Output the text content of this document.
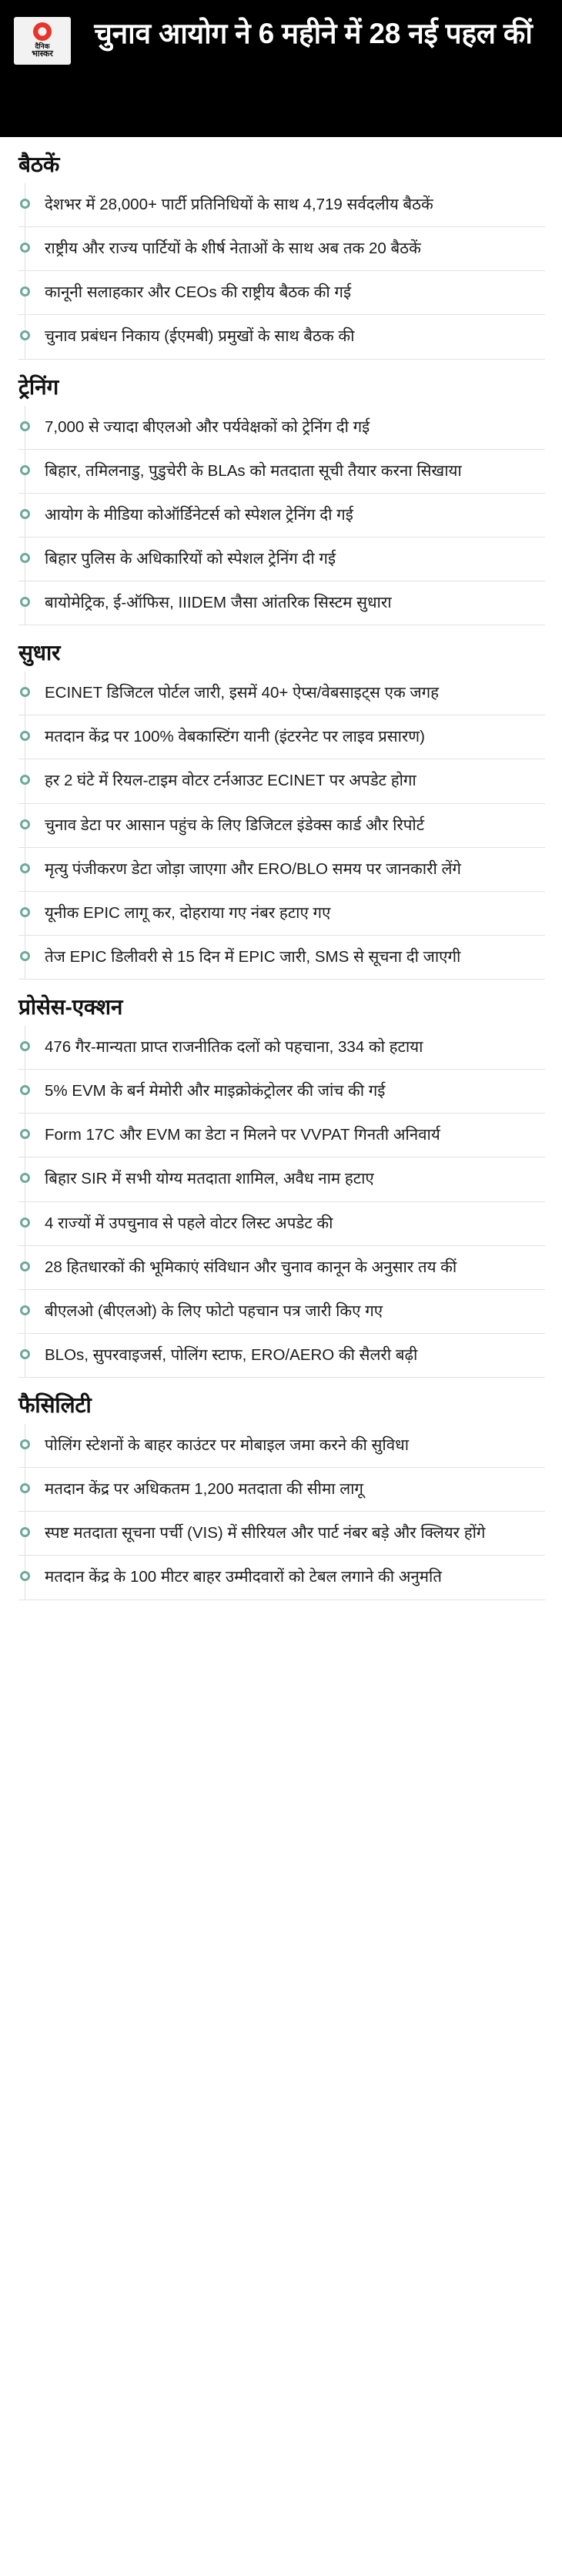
दैनिक
भास्कर
चुनाव आयोग ने 6 महीने में 28 नई पहल कीं
बैठकें
देशभर में 28,000+ पार्टी प्रतिनिधियों के साथ 4,719 सर्वदलीय बैठकें
राष्ट्रीय और राज्य पार्टियों के शीर्ष नेताओं के साथ अब तक 20 बैठकें
कानूनी सलाहकार और CEOs की राष्ट्रीय बैठक की गई
चुनाव प्रबंधन निकाय (ईएमबी) प्रमुखों के साथ बैठक की
ट्रेनिंग
7,000 से ज्यादा बीएलओ और पर्यवेक्षकों को ट्रेनिंग दी गई
बिहार, तमिलनाडु, पुडुचेरी के BLAs को मतदाता सूची तैयार करना सिखाया
आयोग के मीडिया कोऑर्डिनेटर्स को स्पेशल ट्रेनिंग दी गई
बिहार पुलिस के अधिकारियों को स्पेशल ट्रेनिंग दी गई
बायोमेट्रिक, ई-ऑफिस, IIIDEM जैसा आंतरिक सिस्टम सुधारा
सुधार
ECINET डिजिटल पोर्टल जारी, इसमें 40+ ऐप्स/वेबसाइट्स एक जगह
मतदान केंद्र पर 100% वेबकास्टिंग यानी (इंटरनेट पर लाइव प्रसारण)
हर 2 घंटे में रियल-टाइम वोटर टर्नआउट ECINET पर अपडेट होगा
चुनाव डेटा पर आसान पहुंच के लिए डिजिटल इंडेक्स कार्ड और रिपोर्ट
मृत्यु पंजीकरण डेटा जोड़ा जाएगा और ERO/BLO समय पर जानकारी लेंगे
यूनीक EPIC लागू कर, दोहराया गए नंबर हटाए गए
तेज EPIC डिलीवरी से 15 दिन में EPIC जारी, SMS से सूचना दी जाएगी
प्रोसेस-एक्शन
476 गैर-मान्यता प्राप्त राजनीतिक दलों को पहचाना, 334 को हटाया
5% EVM के बर्न मेमोरी और माइक्रोकंट्रोलर की जांच की गई
Form 17C और EVM का डेटा न मिलने पर VVPAT गिनती अनिवार्य
बिहार SIR में सभी योग्य मतदाता शामिल, अवैध नाम हटाए
4 राज्यों में उपचुनाव से पहले वोटर लिस्ट अपडेट की
28 हितधारकों की भूमिकाएं संविधान और चुनाव कानून के अनुसार तय कीं
बीएलओ (बीएलओ) के लिए फोटो पहचान पत्र जारी किए गए
BLOs, सुपरवाइजर्स, पोलिंग स्टाफ, ERO/AERO की सैलरी बढ़ी
फैसिलिटी
पोलिंग स्टेशनों के बाहर काउंटर पर मोबाइल जमा करने की सुविधा
मतदान केंद्र पर अधिकतम 1,200 मतदाता की सीमा लागू
स्पष्ट मतदाता सूचना पर्ची (VIS) में सीरियल और पार्ट नंबर बड़े और क्लियर होंगे
मतदान केंद्र के 100 मीटर बाहर उम्मीदवारों को टेबल लगाने की अनुमति
